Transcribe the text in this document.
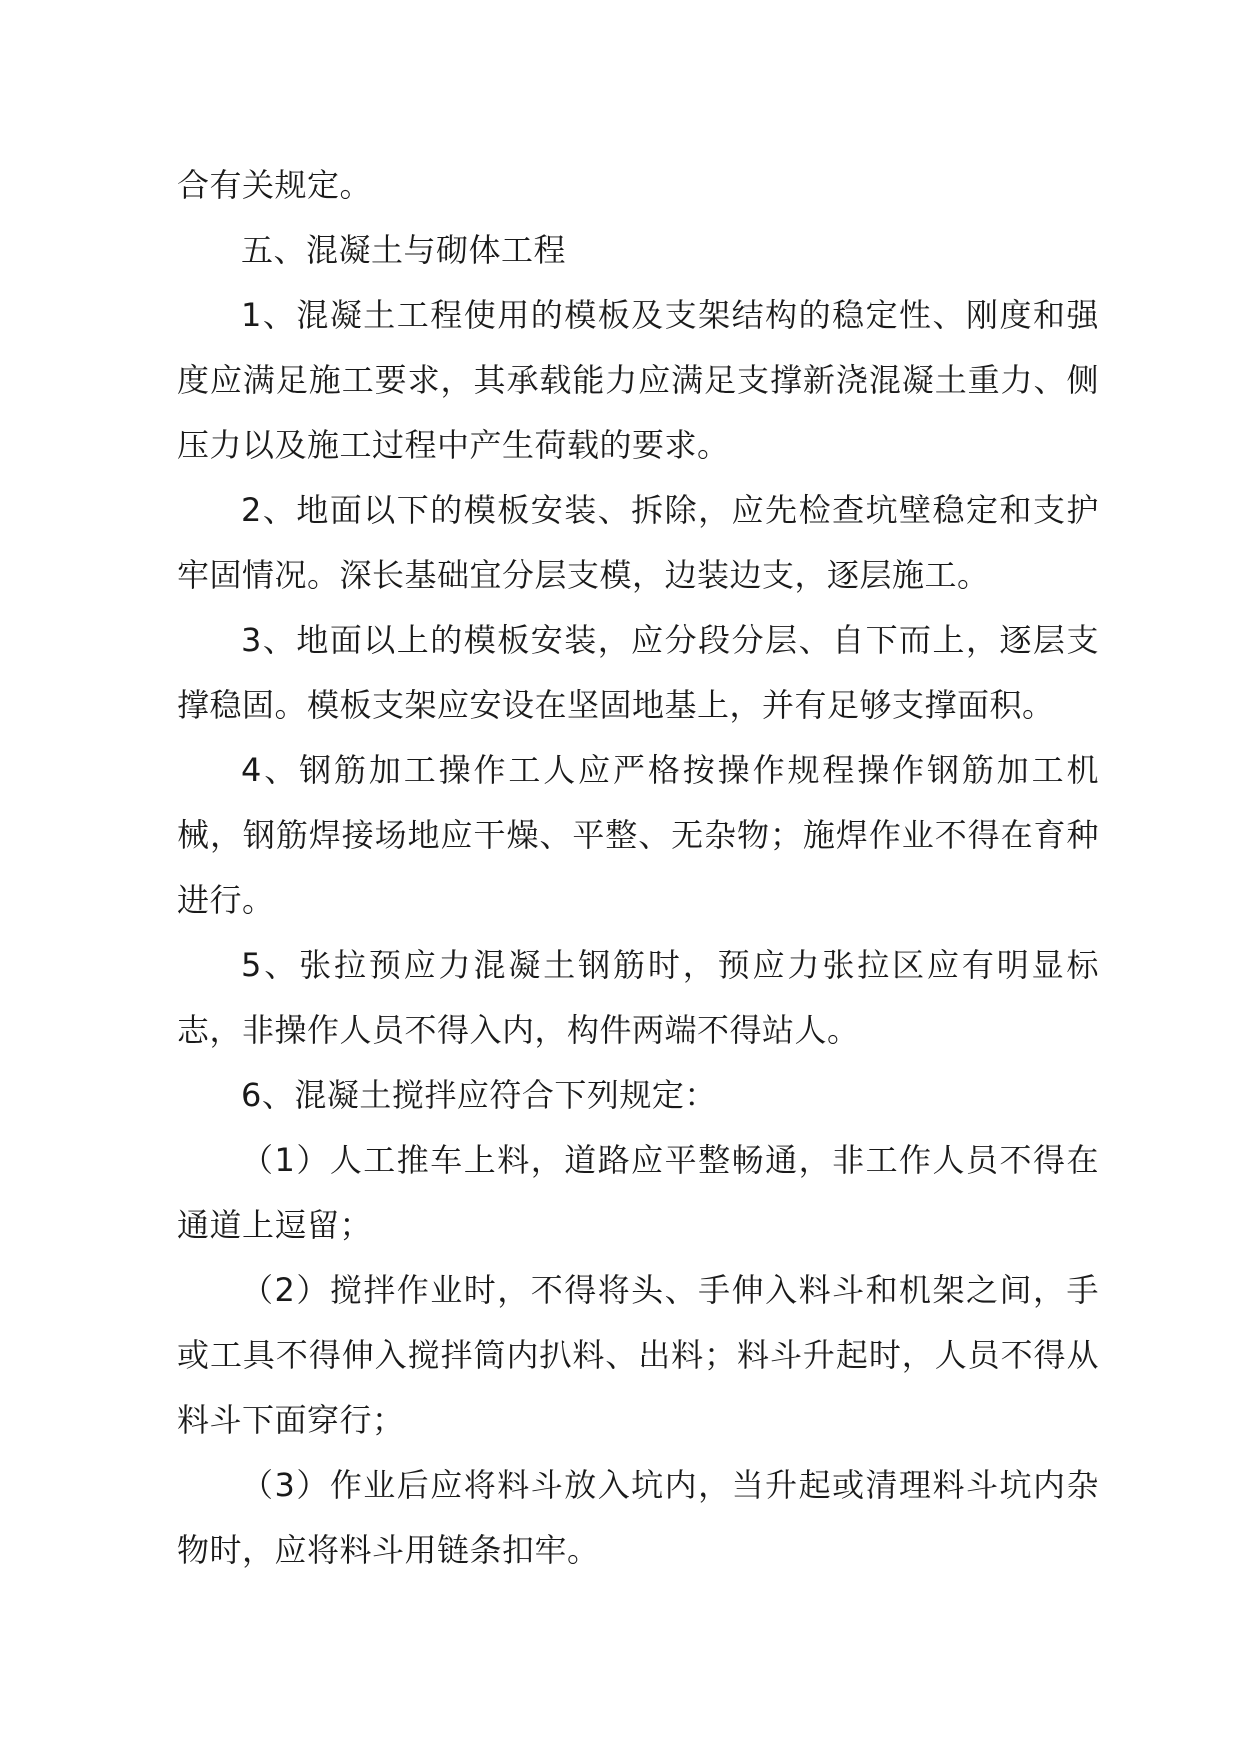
合有关规定。

五、混凝土与砌体工程

1、混凝土工程使用的模板及支架结构的稳定性、刚度和强度应满足施工要求，其承载能力应满足支撑新浇混凝土重力、侧压力以及施工过程中产生荷载的要求。

2、地面以下的模板安装、拆除，应先检查坑壁稳定和支护牢固情况。深长基础宜分层支模，边装边支，逐层施工。

3、地面以上的模板安装，应分段分层、自下而上，逐层支撑稳固。模板支架应安设在坚固地基上，并有足够支撑面积。

4、钢筋加工操作工人应严格按操作规程操作钢筋加工机械，钢筋焊接场地应干燥、平整、无杂物；施焊作业不得在育种进行。

5、张拉预应力混凝土钢筋时，预应力张拉区应有明显标志，非操作人员不得入内，构件两端不得站人。

6、混凝土搅拌应符合下列规定：

（1）人工推车上料，道路应平整畅通，非工作人员不得在通道上逗留；

（2）搅拌作业时，不得将头、手伸入料斗和机架之间，手或工具不得伸入搅拌筒内扒料、出料；料斗升起时，人员不得从料斗下面穿行；

（3）作业后应将料斗放入坑内，当升起或清理料斗坑内杂物时，应将料斗用链条扣牢。
